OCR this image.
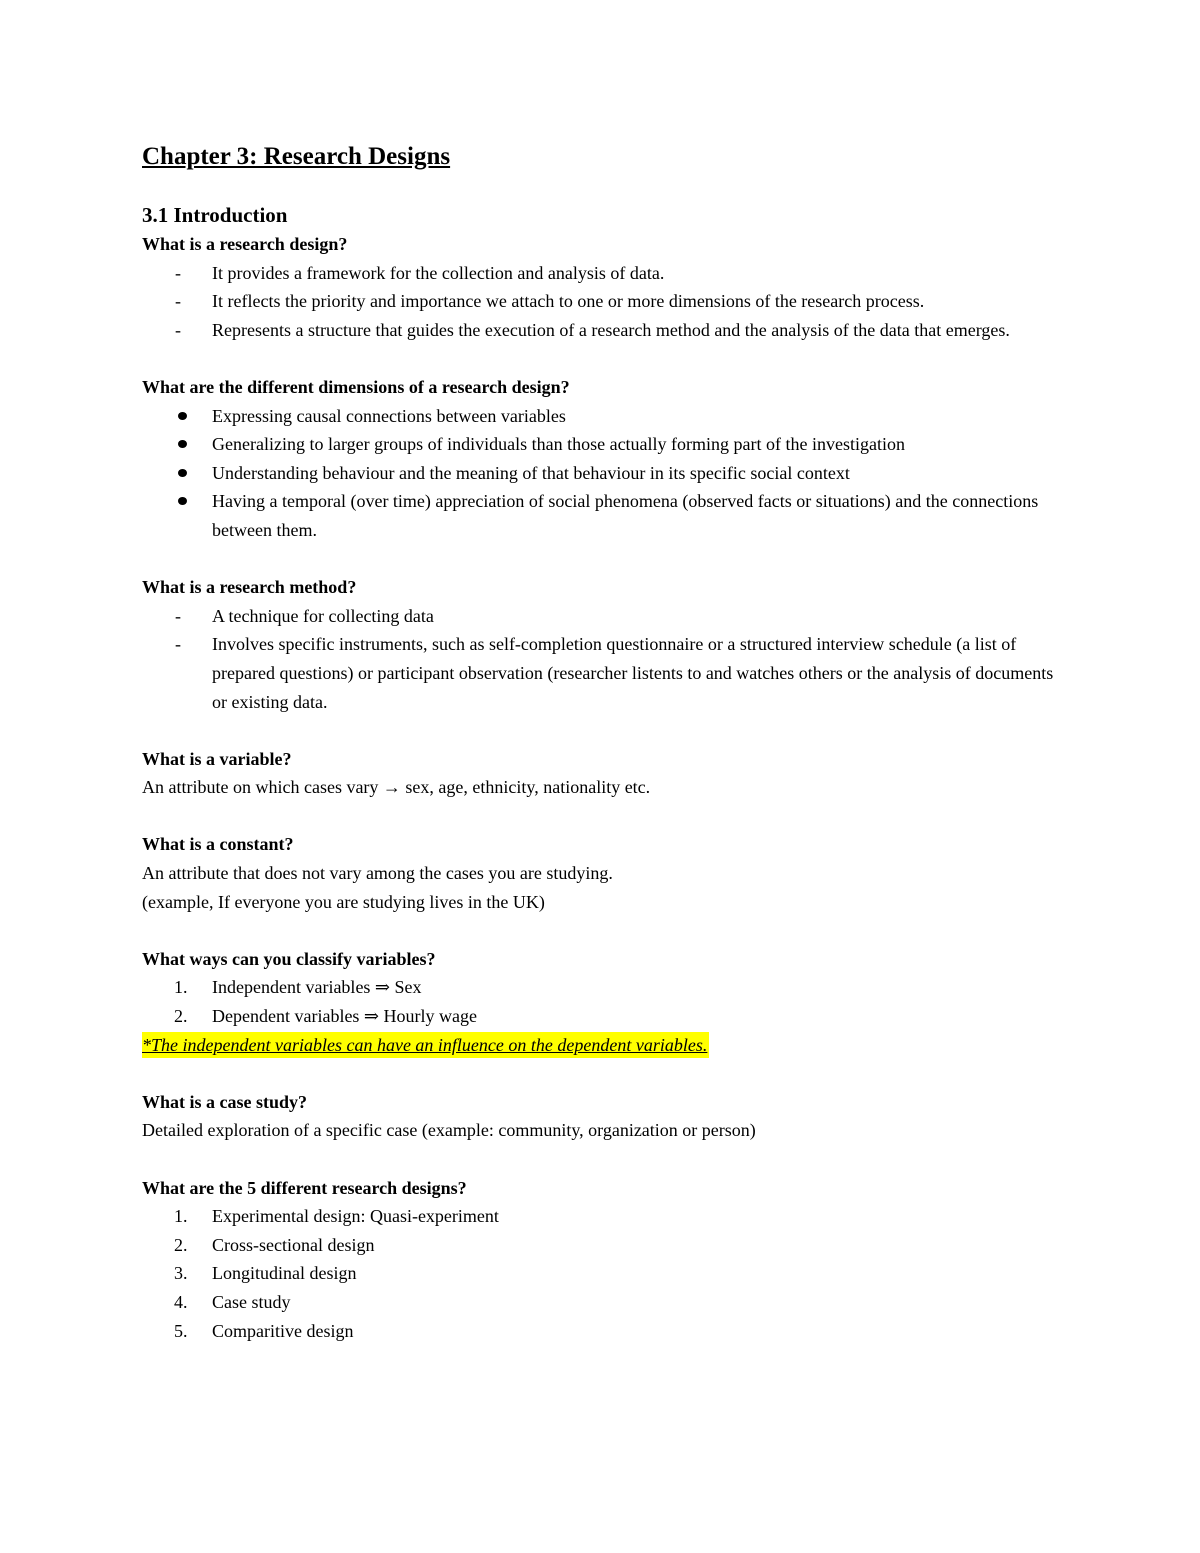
Chapter 3: Research Designs
3.1 Introduction

What is a research design?

-	It provides a framework for the collection and analysis of data.
-	It reflects the priority and importance we attach to one or more dimensions of the research process.
-	Represents a structure that guides the execution of a research method and the analysis of the data that emerges.

What are the different dimensions of a research design?

Expressing causal connections between variables
Generalizing to larger groups of individuals than those actually forming part of the investigation
Understanding behaviour and the meaning of that behaviour in its specific social context
Having a temporal (over time) appreciation of social phenomena (observed facts or situations) and the connections between them.

What is a research method?

-	A technique for collecting data
-	Involves specific instruments, such as self-completion questionnaire or a structured interview schedule (a list of prepared questions) or participant observation (researcher listents to and watches others or the analysis of documents or existing data.

What is a variable?

An attribute on which cases vary → sex, age, ethnicity, nationality etc.

What is a constant?

An attribute that does not vary among the cases you are studying.

(example, If everyone you are studying lives in the UK)

What ways can you classify variables?

1.	Independent variables ⇒ Sex
2.	Dependent variables ⇒ Hourly wage

*The independent variables can have an influence on the dependent variables.

What is a case study?

Detailed exploration of a specific case (example: community, organization or person)

What are the 5 different research designs?

1.	Experimental design: Quasi-experiment
2.	Cross-sectional design
3.	Longitudinal design
4.	Case study
5.	Comparitive design
